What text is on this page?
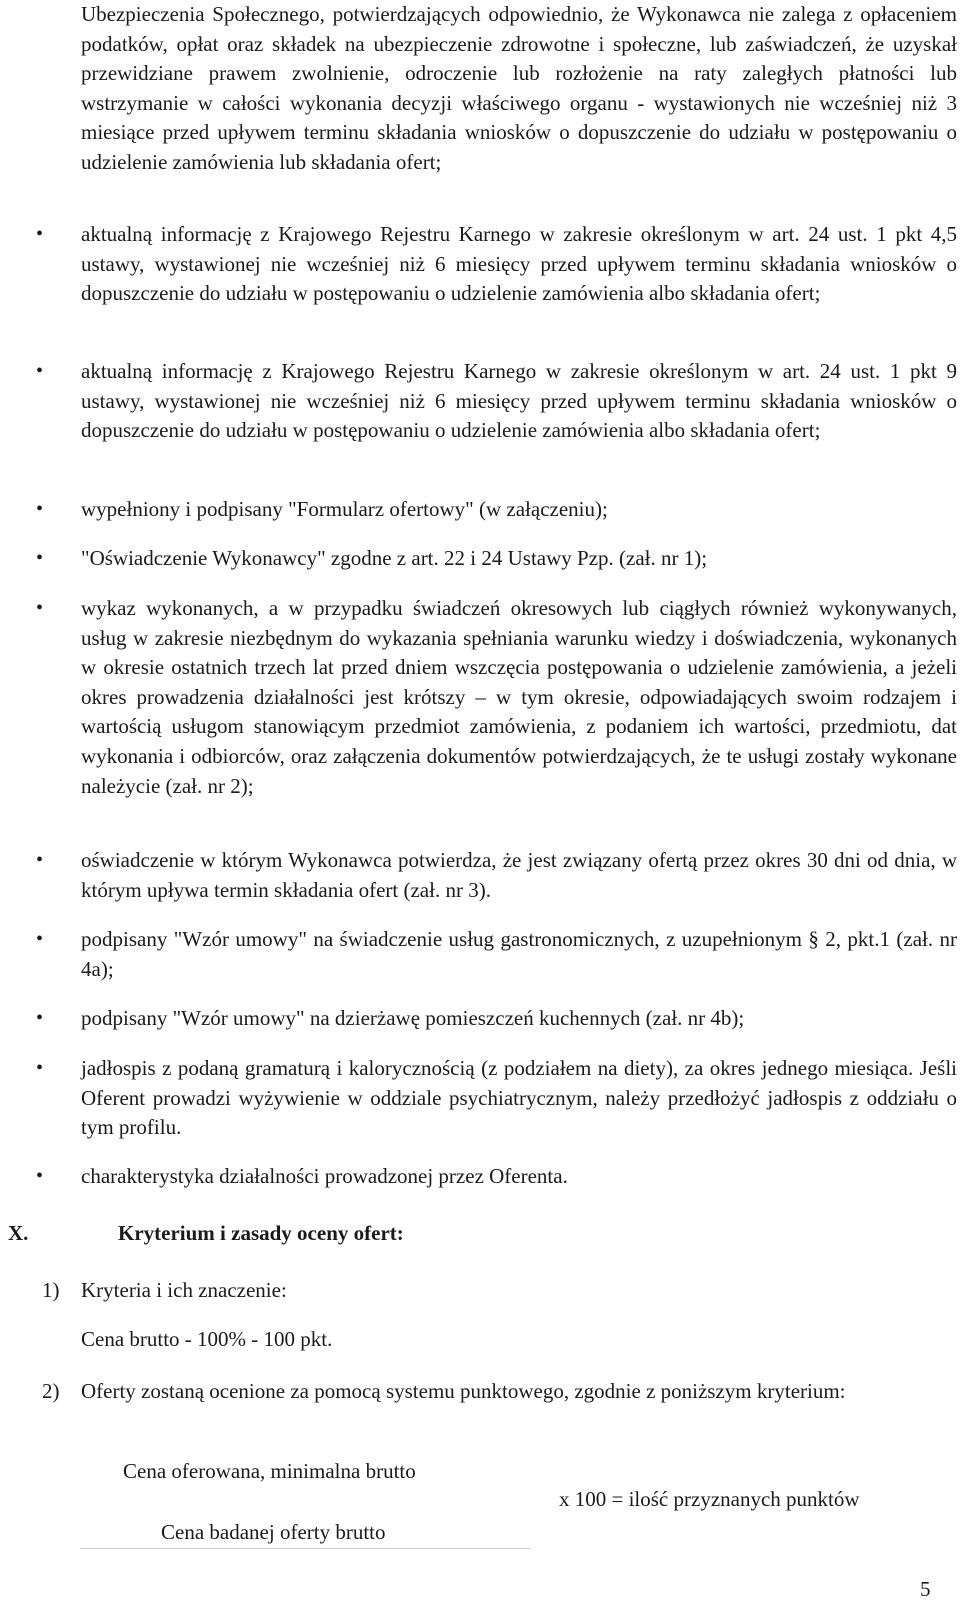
Ubezpieczenia Społecznego, potwierdzających odpowiednio, że Wykonawca nie zalega z opłaceniem podatków, opłat oraz składek na ubezpieczenie zdrowotne i społeczne, lub zaświadczeń, że uzyskał przewidziane prawem zwolnienie, odroczenie lub rozłożenie na raty zaległych płatności lub wstrzymanie w całości wykonania decyzji właściwego organu - wystawionych nie wcześniej niż 3 miesiące przed upływem terminu składania wniosków o dopuszczenie do udziału w postępowaniu o udzielenie zamówienia lub składania ofert;

• aktualną informację z Krajowego Rejestru Karnego w zakresie określonym w art. 24 ust. 1 pkt 4,5 ustawy, wystawionej nie wcześniej niż 6 miesięcy przed upływem terminu składania wniosków o dopuszczenie do udziału w postępowaniu o udzielenie zamówienia albo składania ofert;

• aktualną informację z Krajowego Rejestru Karnego w zakresie określonym w art. 24 ust. 1 pkt 9 ustawy, wystawionej nie wcześniej niż 6 miesięcy przed upływem terminu składania wniosków o dopuszczenie do udziału w postępowaniu o udzielenie zamówienia albo składania ofert;

• wypełniony i podpisany "Formularz ofertowy" (w załączeniu);

• "Oświadczenie Wykonawcy" zgodne z art. 22 i 24 Ustawy Pzp. (zał. nr 1);

• wykaz wykonanych, a w przypadku świadczeń okresowych lub ciągłych również wykonywanych, usług w zakresie niezbędnym do wykazania spełniania warunku wiedzy i doświadczenia, wykonanych w okresie ostatnich trzech lat przed dniem wszczęcia postępowania o udzielenie zamówienia, a jeżeli okres prowadzenia działalności jest krótszy – w tym okresie, odpowiadających swoim rodzajem i wartością usługom stanowiącym przedmiot zamówienia, z podaniem ich wartości, przedmiotu, dat wykonania i odbiorców, oraz załączenia dokumentów potwierdzających, że te usługi zostały wykonane należycie (zał. nr 2);

• oświadczenie w którym Wykonawca potwierdza, że jest związany ofertą przez okres 30 dni od dnia, w którym upływa termin składania ofert (zał. nr 3).

• podpisany "Wzór umowy" na świadczenie usług gastronomicznych, z uzupełnionym § 2, pkt.1 (zał. nr 4a);

• podpisany "Wzór umowy" na dzierżawę pomieszczeń kuchennych (zał. nr 4b);

• jadłospis z podaną gramaturą i kalorycznością (z podziałem na diety), za okres jednego miesiąca. Jeśli Oferent prowadzi wyżywienie w oddziale psychiatrycznym, należy przedłożyć jadłospis z oddziału o tym profilu.

• charakterystyka działalności prowadzonej przez Oferenta.

X.	Kryterium i zasady oceny ofert:
1) Kryteria i ich znaczenie:

Cena brutto - 100% - 100 pkt.
2) Oferty zostaną ocenione za pomocą systemu punktowego, zgodnie z poniższym kryterium:

Cena oferowana, minimalna brutto
x 100 = ilość przyznanych punktów
Cena badanej oferty brutto
5
